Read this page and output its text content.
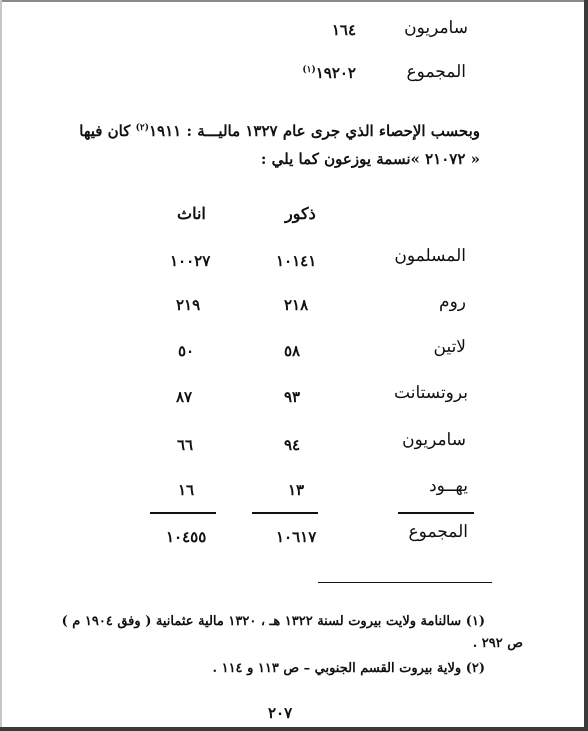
سامريون
١٦٤
المجموع
١٩٢٠٢$^{(١)}$
وبحسب الإحصاء الذي جرى عام ١٣٢٧ ماليـــة : ١٩١١$^{(٢)}$ كان فيها
« ٢١٠٧٢ »نسمة يوزعون كما يلي :
ذكور
اناث
المسلمون
١٠١٤١
١٠٠٢٧
روم
٢١٨
٢١٩
لاتين
٥٨
٥٠
بروتستانت
٩٣
٨٧
سامريون
٩٤
٦٦
يهــود
١٣
١٦
المجموع
١٠٦١٧
١٠٤٥٥
(١) سالنامة ولايت بيروت لسنة ١٣٢٢ هـ ، ١٣٢٠ مالية عثمانية ( وفق ١٩٠٤ م )
ص ٢٩٢ .
(٢) ولاية بيروت القسم الجنوبي – ص ١١٣ و ١١٤ .
٢٠٧
